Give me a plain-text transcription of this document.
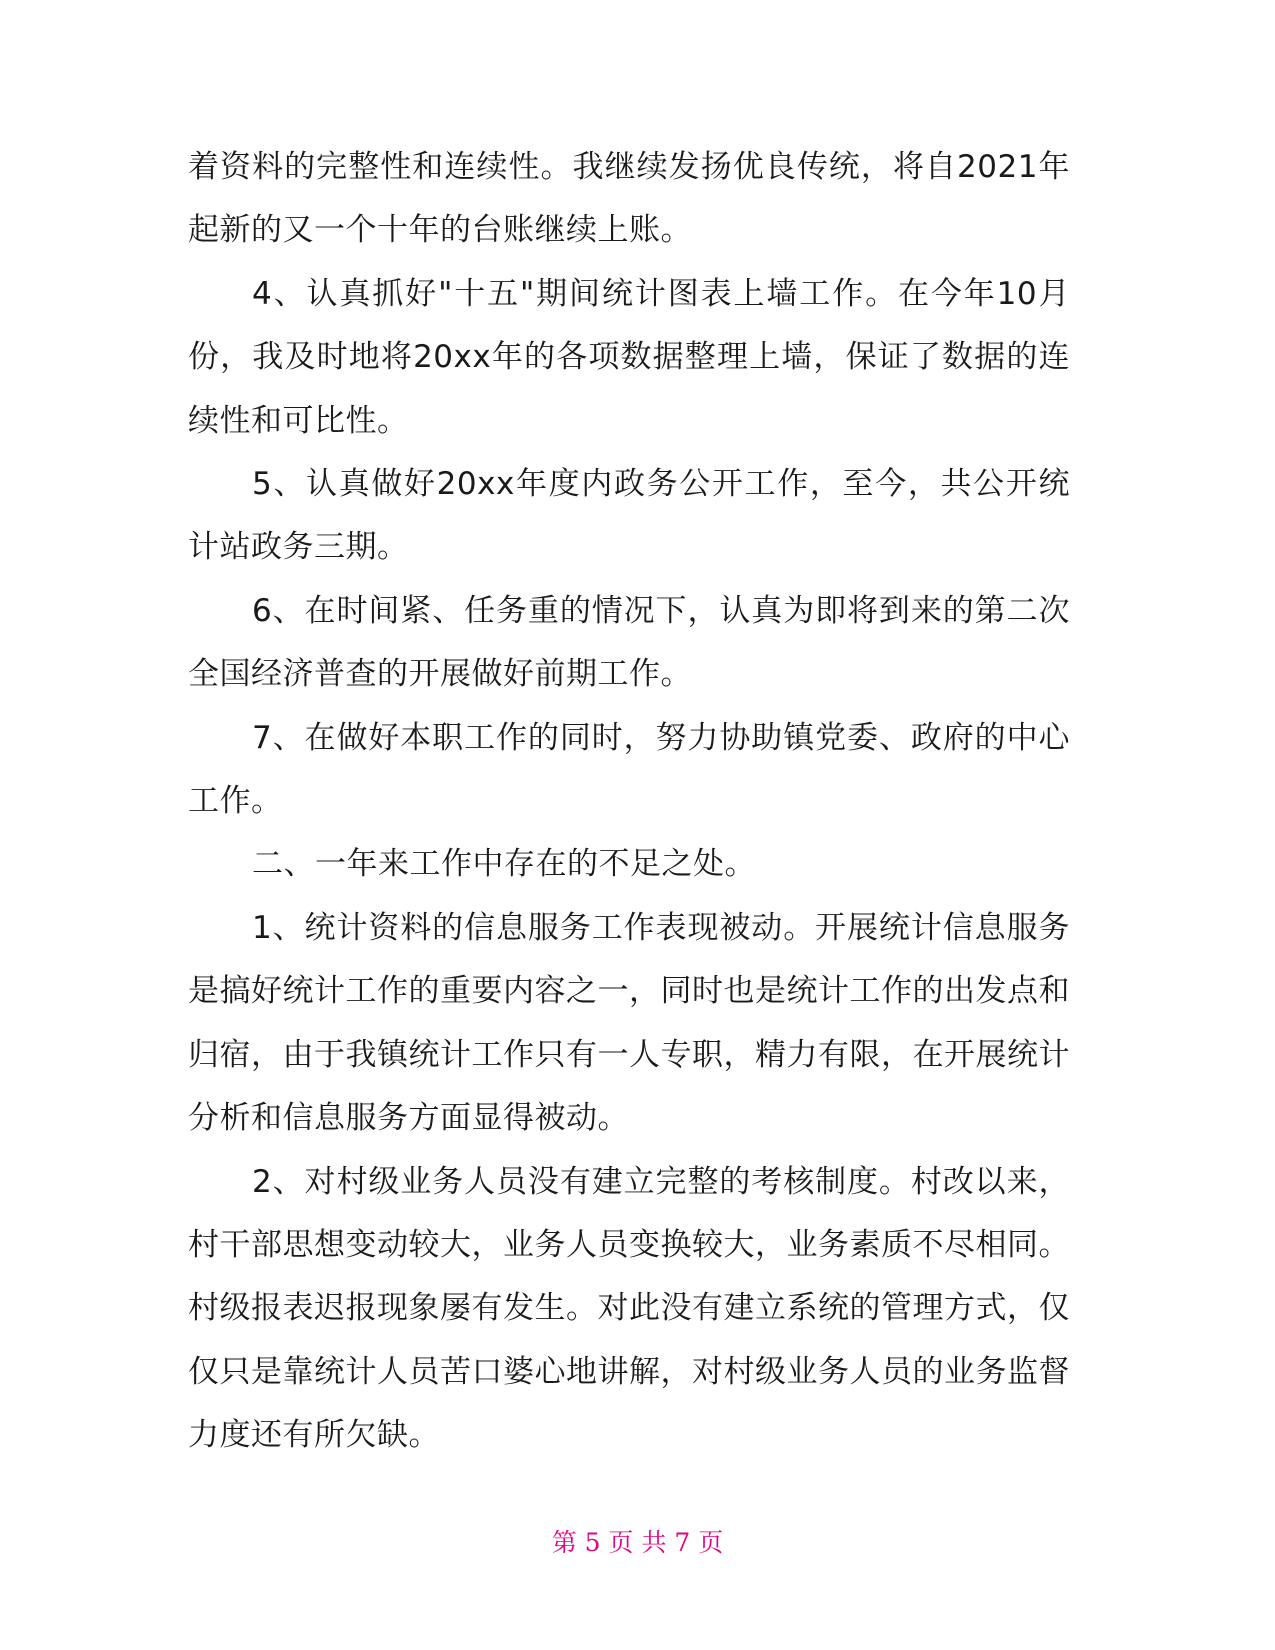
着资料的完整性和连续性。我继续发扬优良传统，将自2021年起新的又一个十年的台账继续上账。

4、认真抓好"十五"期间统计图表上墙工作。在今年10月份，我及时地将20xx年的各项数据整理上墙，保证了数据的连续性和可比性。

5、认真做好20xx年度内政务公开工作，至今，共公开统计站政务三期。

6、在时间紧、任务重的情况下，认真为即将到来的第二次全国经济普查的开展做好前期工作。

7、在做好本职工作的同时，努力协助镇党委、政府的中心工作。

二、一年来工作中存在的不足之处。

1、统计资料的信息服务工作表现被动。开展统计信息服务是搞好统计工作的重要内容之一，同时也是统计工作的出发点和归宿，由于我镇统计工作只有一人专职，精力有限，在开展统计分析和信息服务方面显得被动。

2、对村级业务人员没有建立完整的考核制度。村改以来，村干部思想变动较大，业务人员变换较大，业务素质不尽相同。村级报表迟报现象屡有发生。对此没有建立系统的管理方式，仅仅只是靠统计人员苦口婆心地讲解，对村级业务人员的业务监督力度还有所欠缺。

第 5 页 共 7 页
